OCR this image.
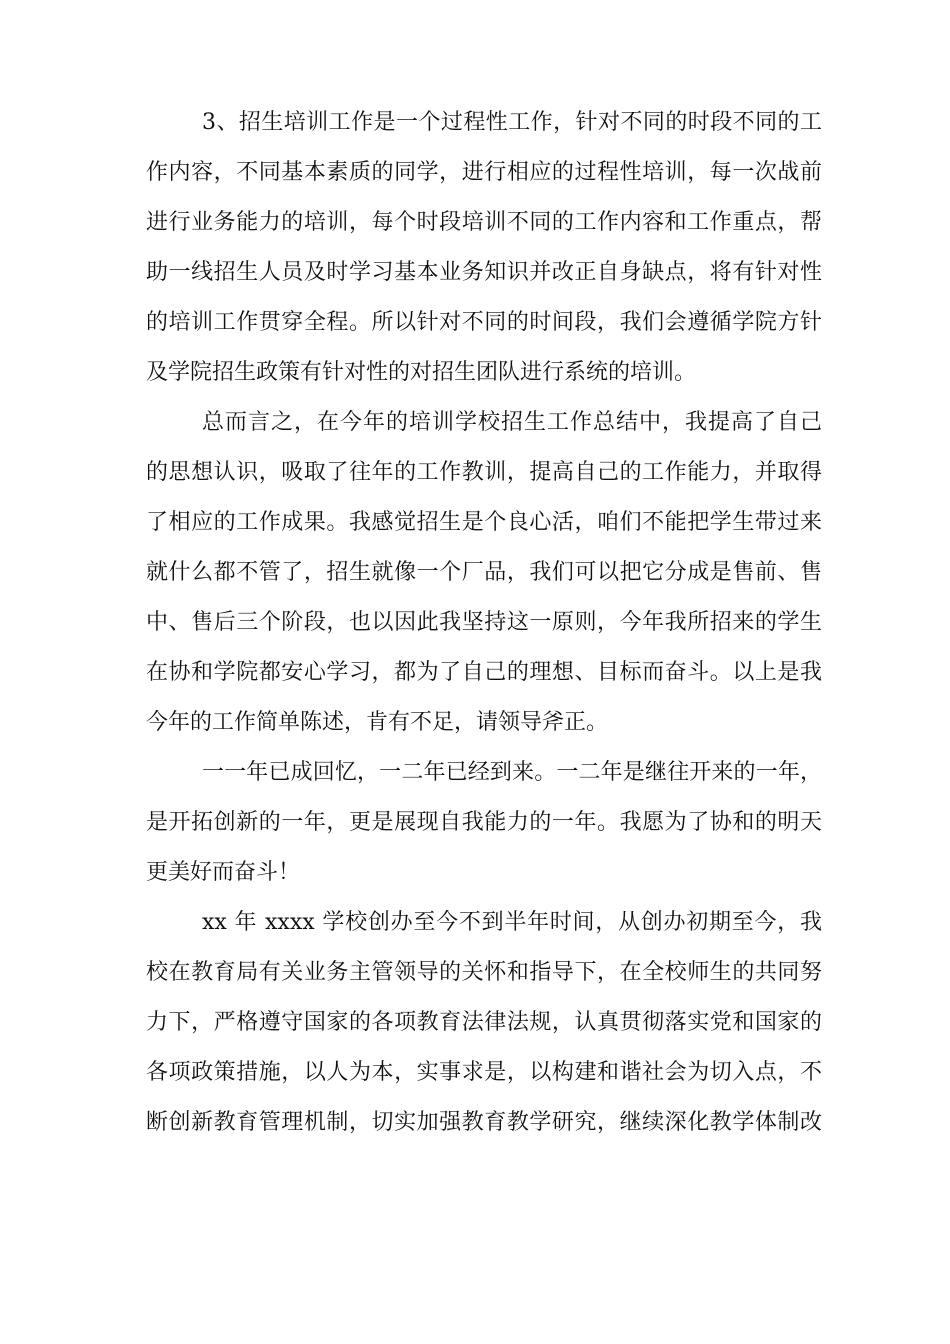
3、招生培训工作是一个过程性工作，针对不同的时段不同的工
作内容，不同基本素质的同学，进行相应的过程性培训，每一次战前
进行业务能力的培训，每个时段培训不同的工作内容和工作重点，帮
助一线招生人员及时学习基本业务知识并改正自身缺点，将有针对性
的培训工作贯穿全程。所以针对不同的时间段，我们会遵循学院方针
及学院招生政策有针对性的对招生团队进行系统的培训。
总而言之，在今年的培训学校招生工作总结中，我提高了自己
的思想认识，吸取了往年的工作教训，提高自己的工作能力，并取得
了相应的工作成果。我感觉招生是个良心活，咱们不能把学生带过来
就什么都不管了，招生就像一个厂品，我们可以把它分成是售前、售
中、售后三个阶段，也以因此我坚持这一原则，今年我所招来的学生
在协和学院都安心学习，都为了自己的理想、目标而奋斗。以上是我
今年的工作简单陈述，肯有不足，请领导斧正。
一一年已成回忆，一二年已经到来。一二年是继往开来的一年，
是开拓创新的一年，更是展现自我能力的一年。我愿为了协和的明天
更美好而奋斗！
xx 年 xxxx 学校创办至今不到半年时间，从创办初期至今，我
校在教育局有关业务主管领导的关怀和指导下，在全校师生的共同努
力下，严格遵守国家的各项教育法律法规，认真贯彻落实党和国家的
各项政策措施，以人为本，实事求是，以构建和谐社会为切入点，不
断创新教育管理机制，切实加强教育教学研究，继续深化教学体制改
